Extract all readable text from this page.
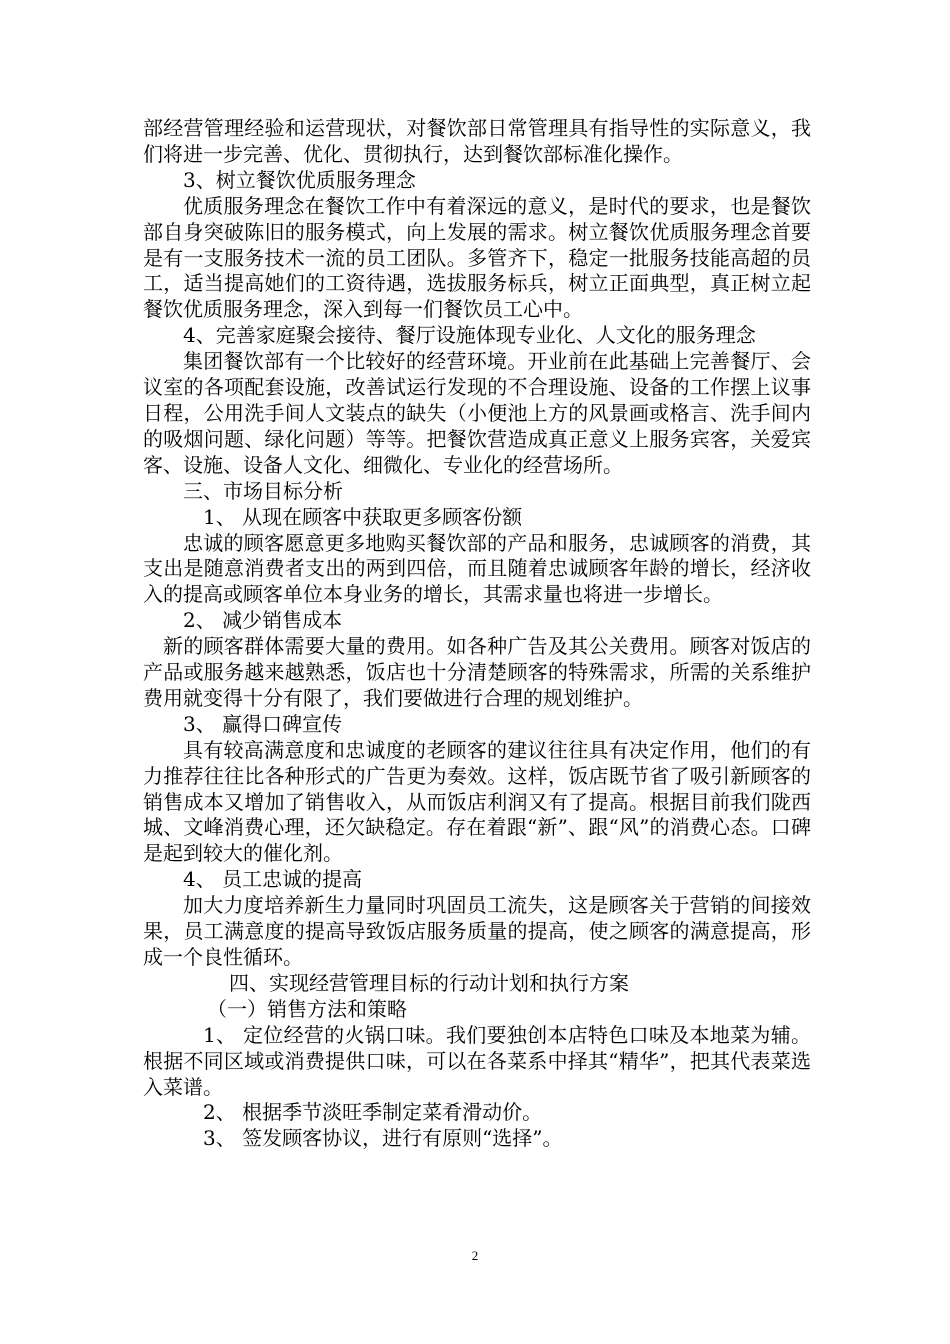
部经营管理经验和运营现状，对餐饮部日常管理具有指导性的实际意义，我们将进一步完善、优化、贯彻执行，达到餐饮部标准化操作。

3、树立餐饮优质服务理念

优质服务理念在餐饮工作中有着深远的意义，是时代的要求，也是餐饮部自身突破陈旧的服务模式，向上发展的需求。树立餐饮优质服务理念首要是有一支服务技术一流的员工团队。多管齐下，稳定一批服务技能高超的员工，适当提高她们的工资待遇，选拔服务标兵，树立正面典型，真正树立起餐饮优质服务理念，深入到每一们餐饮员工心中。

4、完善家庭聚会接待、餐厅设施体现专业化、人文化的服务理念

集团餐饮部有一个比较好的经营环境。开业前在此基础上完善餐厅、会议室的各项配套设施，改善试运行发现的不合理设施、设备的工作摆上议事日程，公用洗手间人文装点的缺失（小便池上方的风景画或格言、洗手间内的吸烟问题、绿化问题）等等。把餐饮营造成真正意义上服务宾客，关爱宾客、设施、设备人文化、细微化、专业化的经营场所。

三、市场目标分析

1、 从现在顾客中获取更多顾客份额

忠诚的顾客愿意更多地购买餐饮部的产品和服务，忠诚顾客的消费，其支出是随意消费者支出的两到四倍，而且随着忠诚顾客年龄的增长，经济收入的提高或顾客单位本身业务的增长，其需求量也将进一步增长。

2、 减少销售成本

新的顾客群体需要大量的费用。如各种广告及其公关费用。顾客对饭店的产品或服务越来越熟悉，饭店也十分清楚顾客的特殊需求，所需的关系维护费用就变得十分有限了，我们要做进行合理的规划维护。

3、 赢得口碑宣传

具有较高满意度和忠诚度的老顾客的建议往往具有决定作用，他们的有力推荐往往比各种形式的广告更为奏效。这样，饭店既节省了吸引新顾客的销售成本又增加了销售收入，从而饭店利润又有了提高。根据目前我们陇西城、文峰消费心理，还欠缺稳定。存在着跟“新”、跟“风”的消费心态。口碑是起到较大的催化剂。

4、 员工忠诚的提高

加大力度培养新生力量同时巩固员工流失，这是顾客关于营销的间接效果，员工满意度的提高导致饭店服务质量的提高，使之顾客的满意提高，形成一个良性循环。

四、实现经营管理目标的行动计划和执行方案

（一）销售方法和策略

1、 定位经营的火锅口味。我们要独创本店特色口味及本地菜为辅。根据不同区域或消费提供口味，可以在各菜系中择其“精华”，把其代表菜选入菜谱。

2、 根据季节淡旺季制定菜肴滑动价。

3、 签发顾客协议，进行有原则“选择”。

2
